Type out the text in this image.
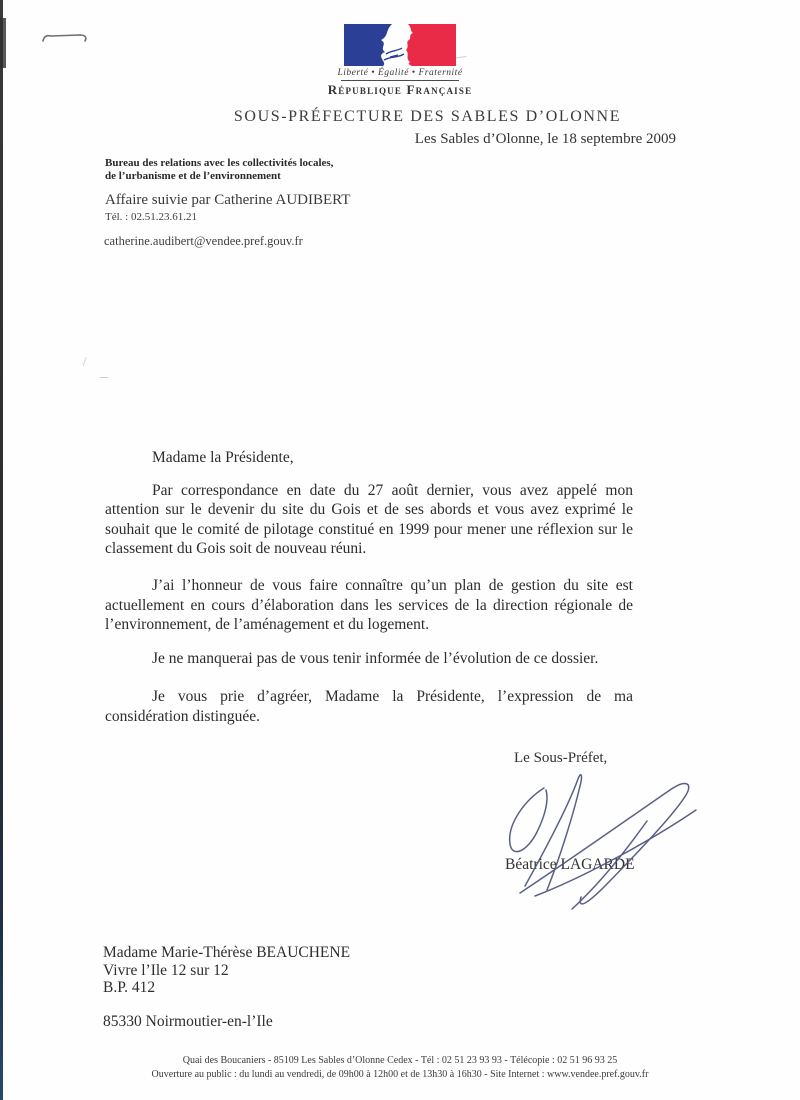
Liberté • Égalité • Fraternité
République Française
SOUS-PRÉFECTURE DES SABLES D’OLONNE
Les Sables d’Olonne, le 18 septembre 2009
Bureau des relations avec les collectivités locales,
de l’urbanisme et de l’environnement
Affaire suivie par Catherine AUDIBERT
Tél. : 02.51.23.61.21
catherine.audibert@vendee.pref.gouv.fr

Madame la Présidente,

Par correspondance en date du 27 août dernier, vous avez appelé mon attention sur le devenir du site du Gois et de ses abords et vous avez exprimé le souhait que le comité de pilotage constitué en 1999 pour mener une réflexion sur le classement du Gois soit de nouveau réuni.

J’ai l’honneur de vous faire connaître qu’un plan de gestion du site est actuellement en cours d’élaboration dans les services de la direction régionale de l’environnement, de l’aménagement et du logement.

Je ne manquerai pas de vous tenir informée de l’évolution de ce dossier.

Je vous prie d’agréer, Madame la Présidente, l’expression de ma considération distinguée.

Le Sous-Préfet,
Béatrice LAGARDE
Madame Marie-Thérèse BEAUCHENE
Vivre l’Ile 12 sur 12
B.P. 412
85330 Noirmoutier-en-l’Ile
Quai des Boucaniers - 85109 Les Sables d’Olonne Cedex - Tél : 02 51 23 93 93 - Télécopie : 02 51 96 93 25
Ouverture au public : du lundi au vendredi, de 09h00 à 12h00 et de 13h30 à 16h30 - Site Internet : www.vendee.pref.gouv.fr
